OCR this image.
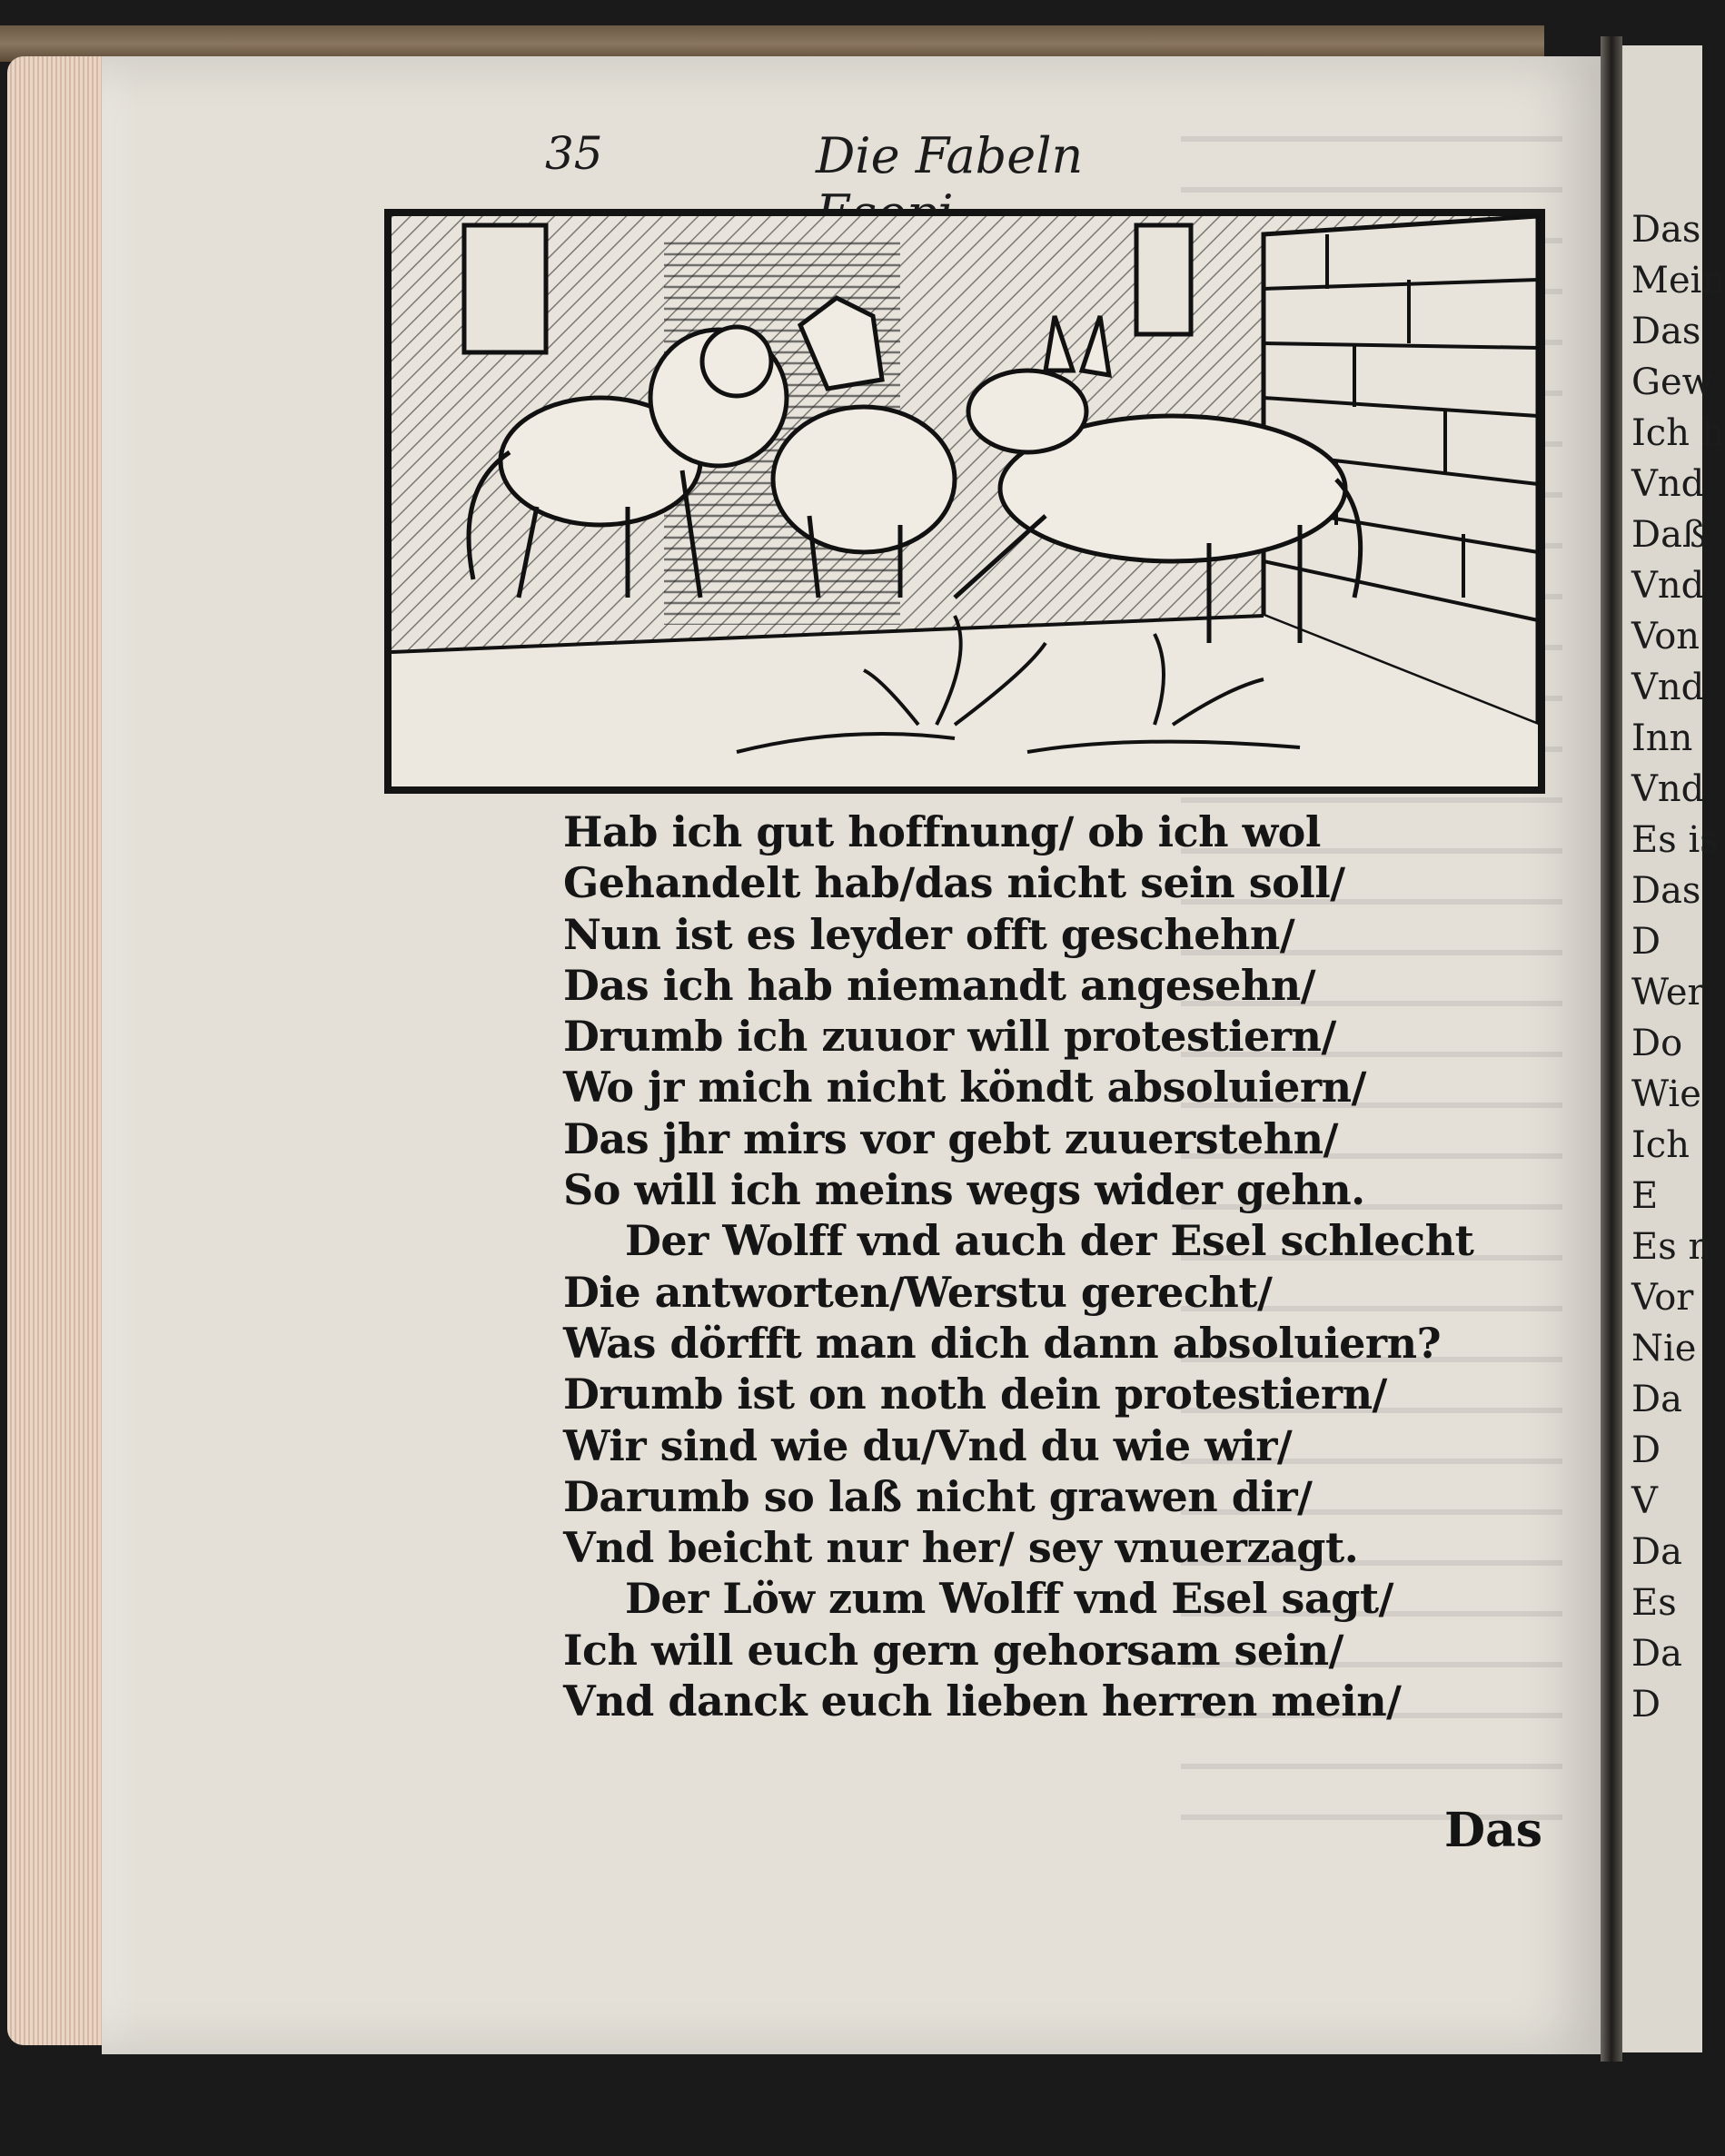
35	Die Fabeln
Hab ich gut hoffnung/ ob ich wol
Gehandelt hab/das nicht sein soll/
Nun ist es leyder offt geschehn/
Das ich hab niemandt angesehn/
Drumb ich zuuor will protestiern/
Wo jr mich nicht köndt absoluiern/
Das jhr mirs vor gebt zuuerstehn/
So will ich meins wegs wider gehn.
Der Wolff vnd auch der Esel schlecht
Die antworten/Werstu gerecht/
Was dörfft man dich dann absoluiern?
Drumb ist on noth dein protestiern/
Wir sind wie du/Vnd du wie wir/
Darumb so laß nicht grawen dir/
Vnd beicht nur her/ sey vnuerzagt.
Der Löw zum Wolff vnd Esel sagt/
Ich will euch gern gehorsam sein/
Vnd danck euch lieben herren mein/
Das
Das
Mein
Das
Gew
Ich h
Vnd
Daß
Vnd
Von
Vnd
Inn
Vnd
Es is
Das
D
Wer
Do
Wie
Ich
E
Es n
Vor
Nie
Da
D
V
Da
Es
Da
D
